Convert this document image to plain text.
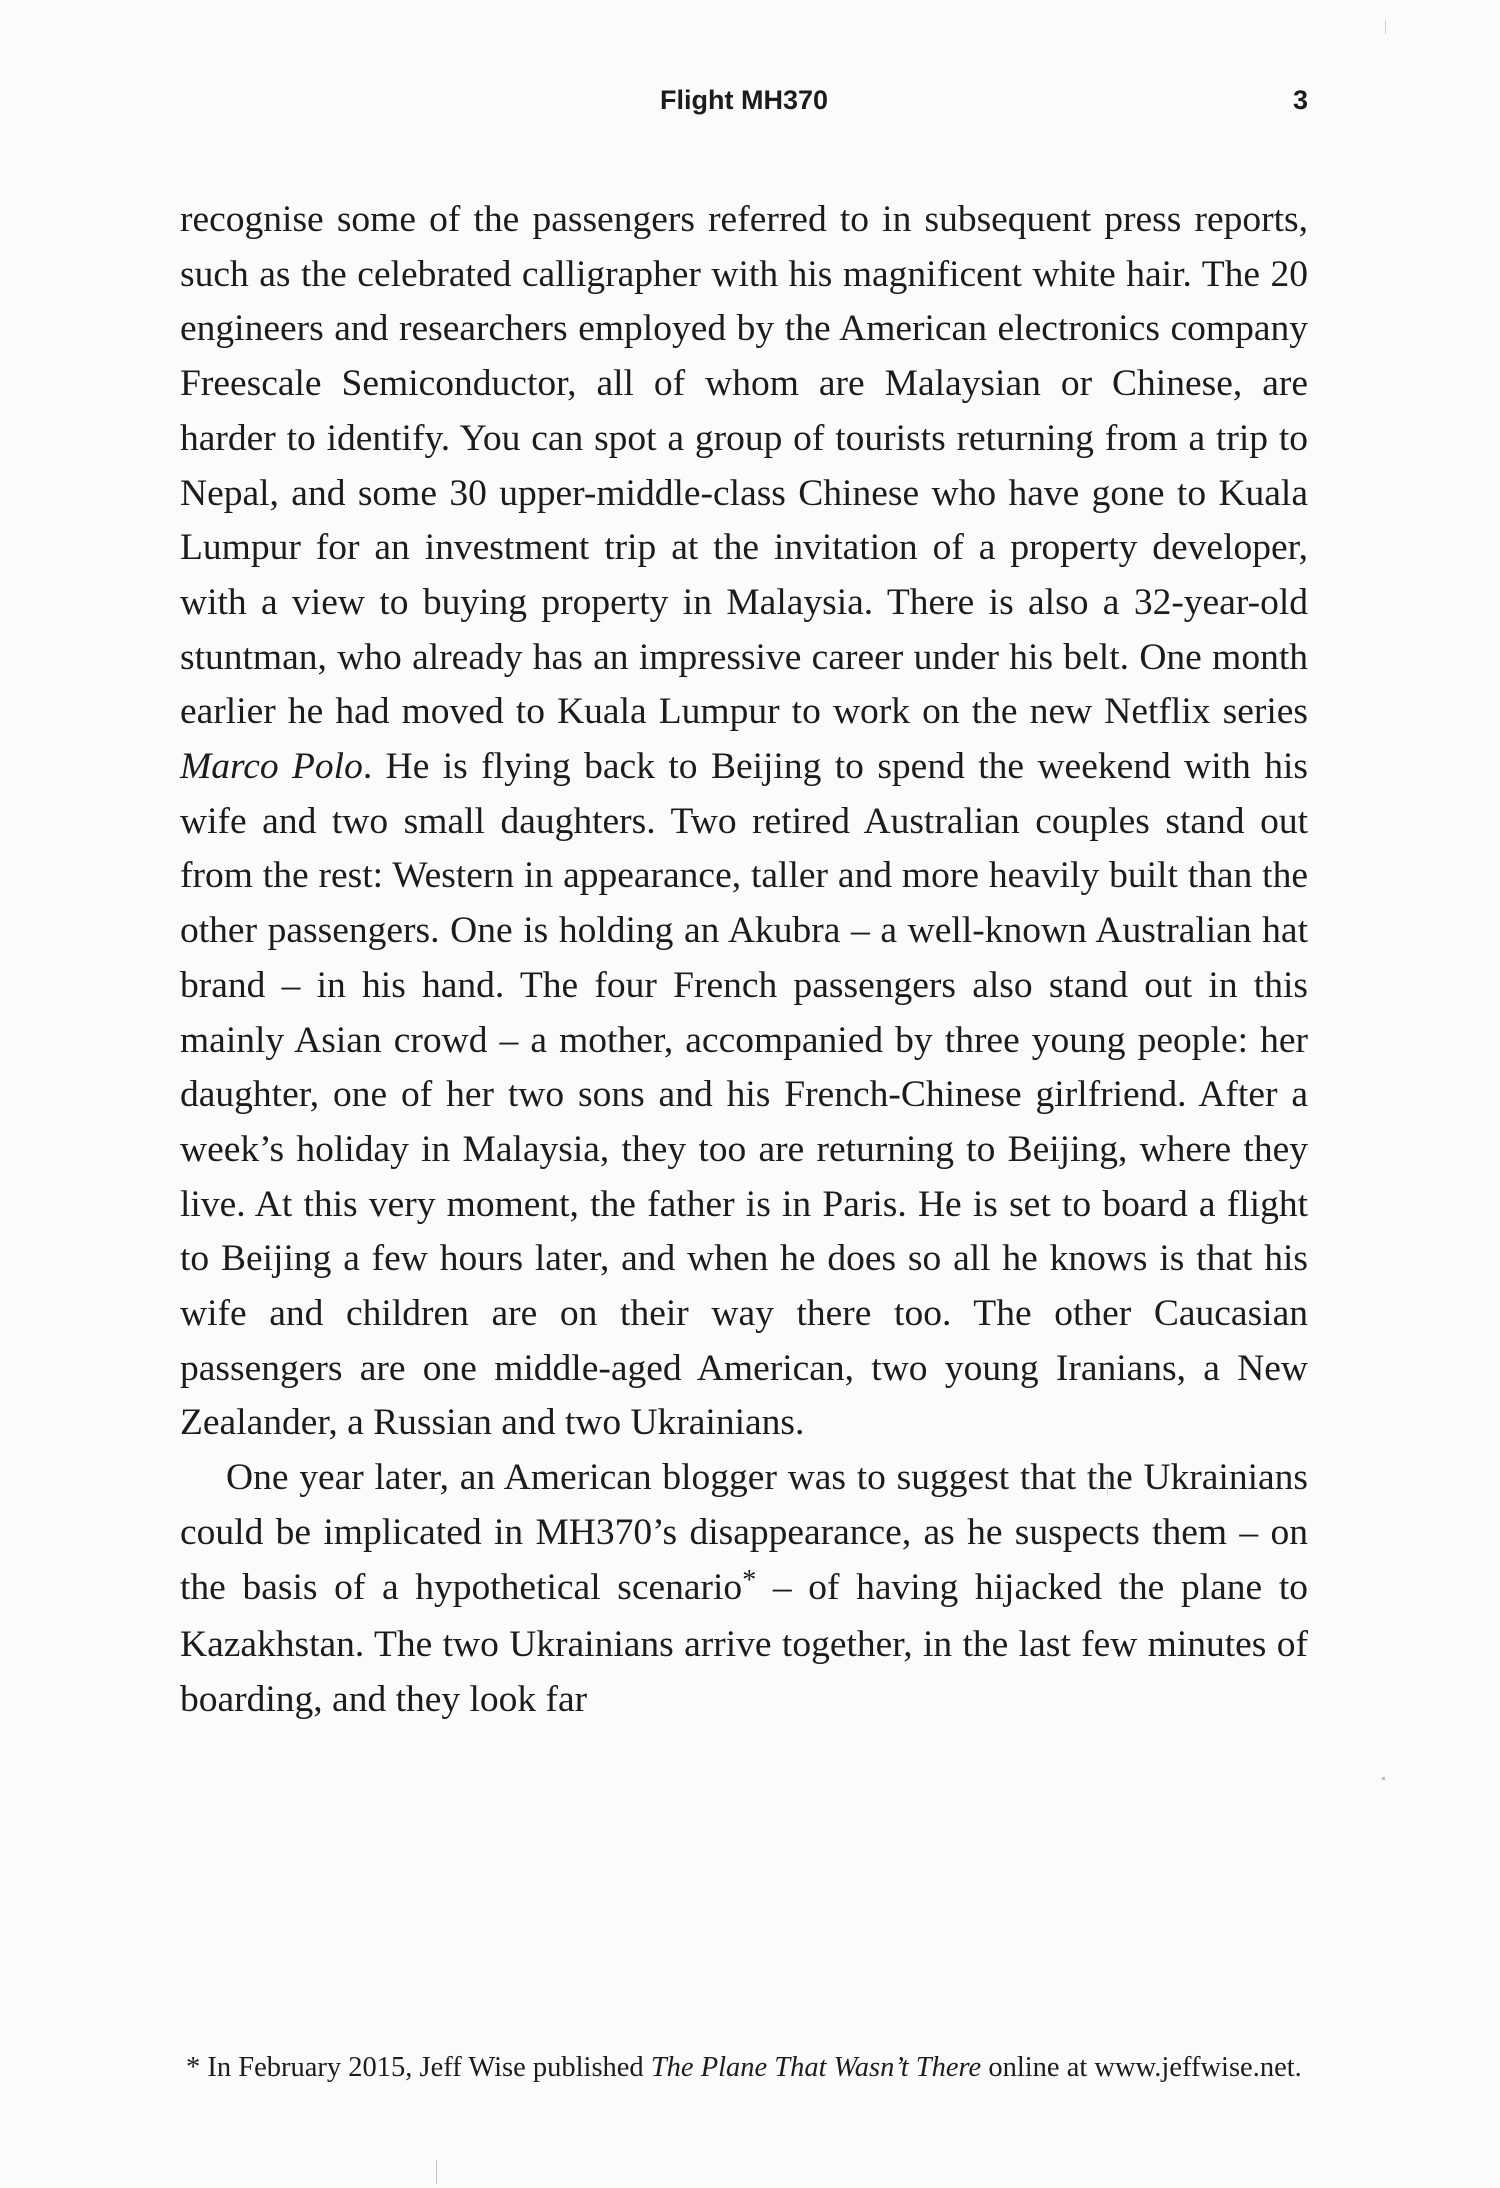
Flight MH370	3

recognise some of the passengers referred to in subsequent press reports, such as the celebrated calligrapher with his magnificent white hair. The 20 engineers and researchers employed by the American electronics company Freescale Semiconductor, all of whom are Malaysian or Chinese, are harder to identify. You can spot a group of tourists returning from a trip to Nepal, and some 30 upper-middle-class Chinese who have gone to Kuala Lumpur for an investment trip at the invitation of a property developer, with a view to buying property in Malaysia. There is also a 32-year-old stuntman, who already has an impressive career under his belt. One month earlier he had moved to Kuala Lumpur to work on the new Netflix series Marco Polo. He is flying back to Beijing to spend the weekend with his wife and two small daughters. Two retired Australian couples stand out from the rest: Western in appearance, taller and more heavily built than the other passengers. One is holding an Akubra – a well-known Australian hat brand – in his hand. The four French passengers also stand out in this mainly Asian crowd – a mother, accompanied by three young people: her daughter, one of her two sons and his French-Chinese girlfriend. After a week’s holiday in Malaysia, they too are returning to Beijing, where they live. At this very moment, the father is in Paris. He is set to board a flight to Beijing a few hours later, and when he does so all he knows is that his wife and children are on their way there too. The other Caucasian passengers are one middle-aged American, two young Iranians, a New Zealander, a Russian and two Ukrainians.

One year later, an American blogger was to suggest that the Ukrainians could be implicated in MH370’s disappearance, as he suspects them – on the basis of a hypothetical scenario* – of having hijacked the plane to Kazakhstan. The two Ukrainians arrive together, in the last few minutes of boarding, and they look far

* In February 2015, Jeff Wise published The Plane That Wasn’t There online at www.jeffwise.net.
